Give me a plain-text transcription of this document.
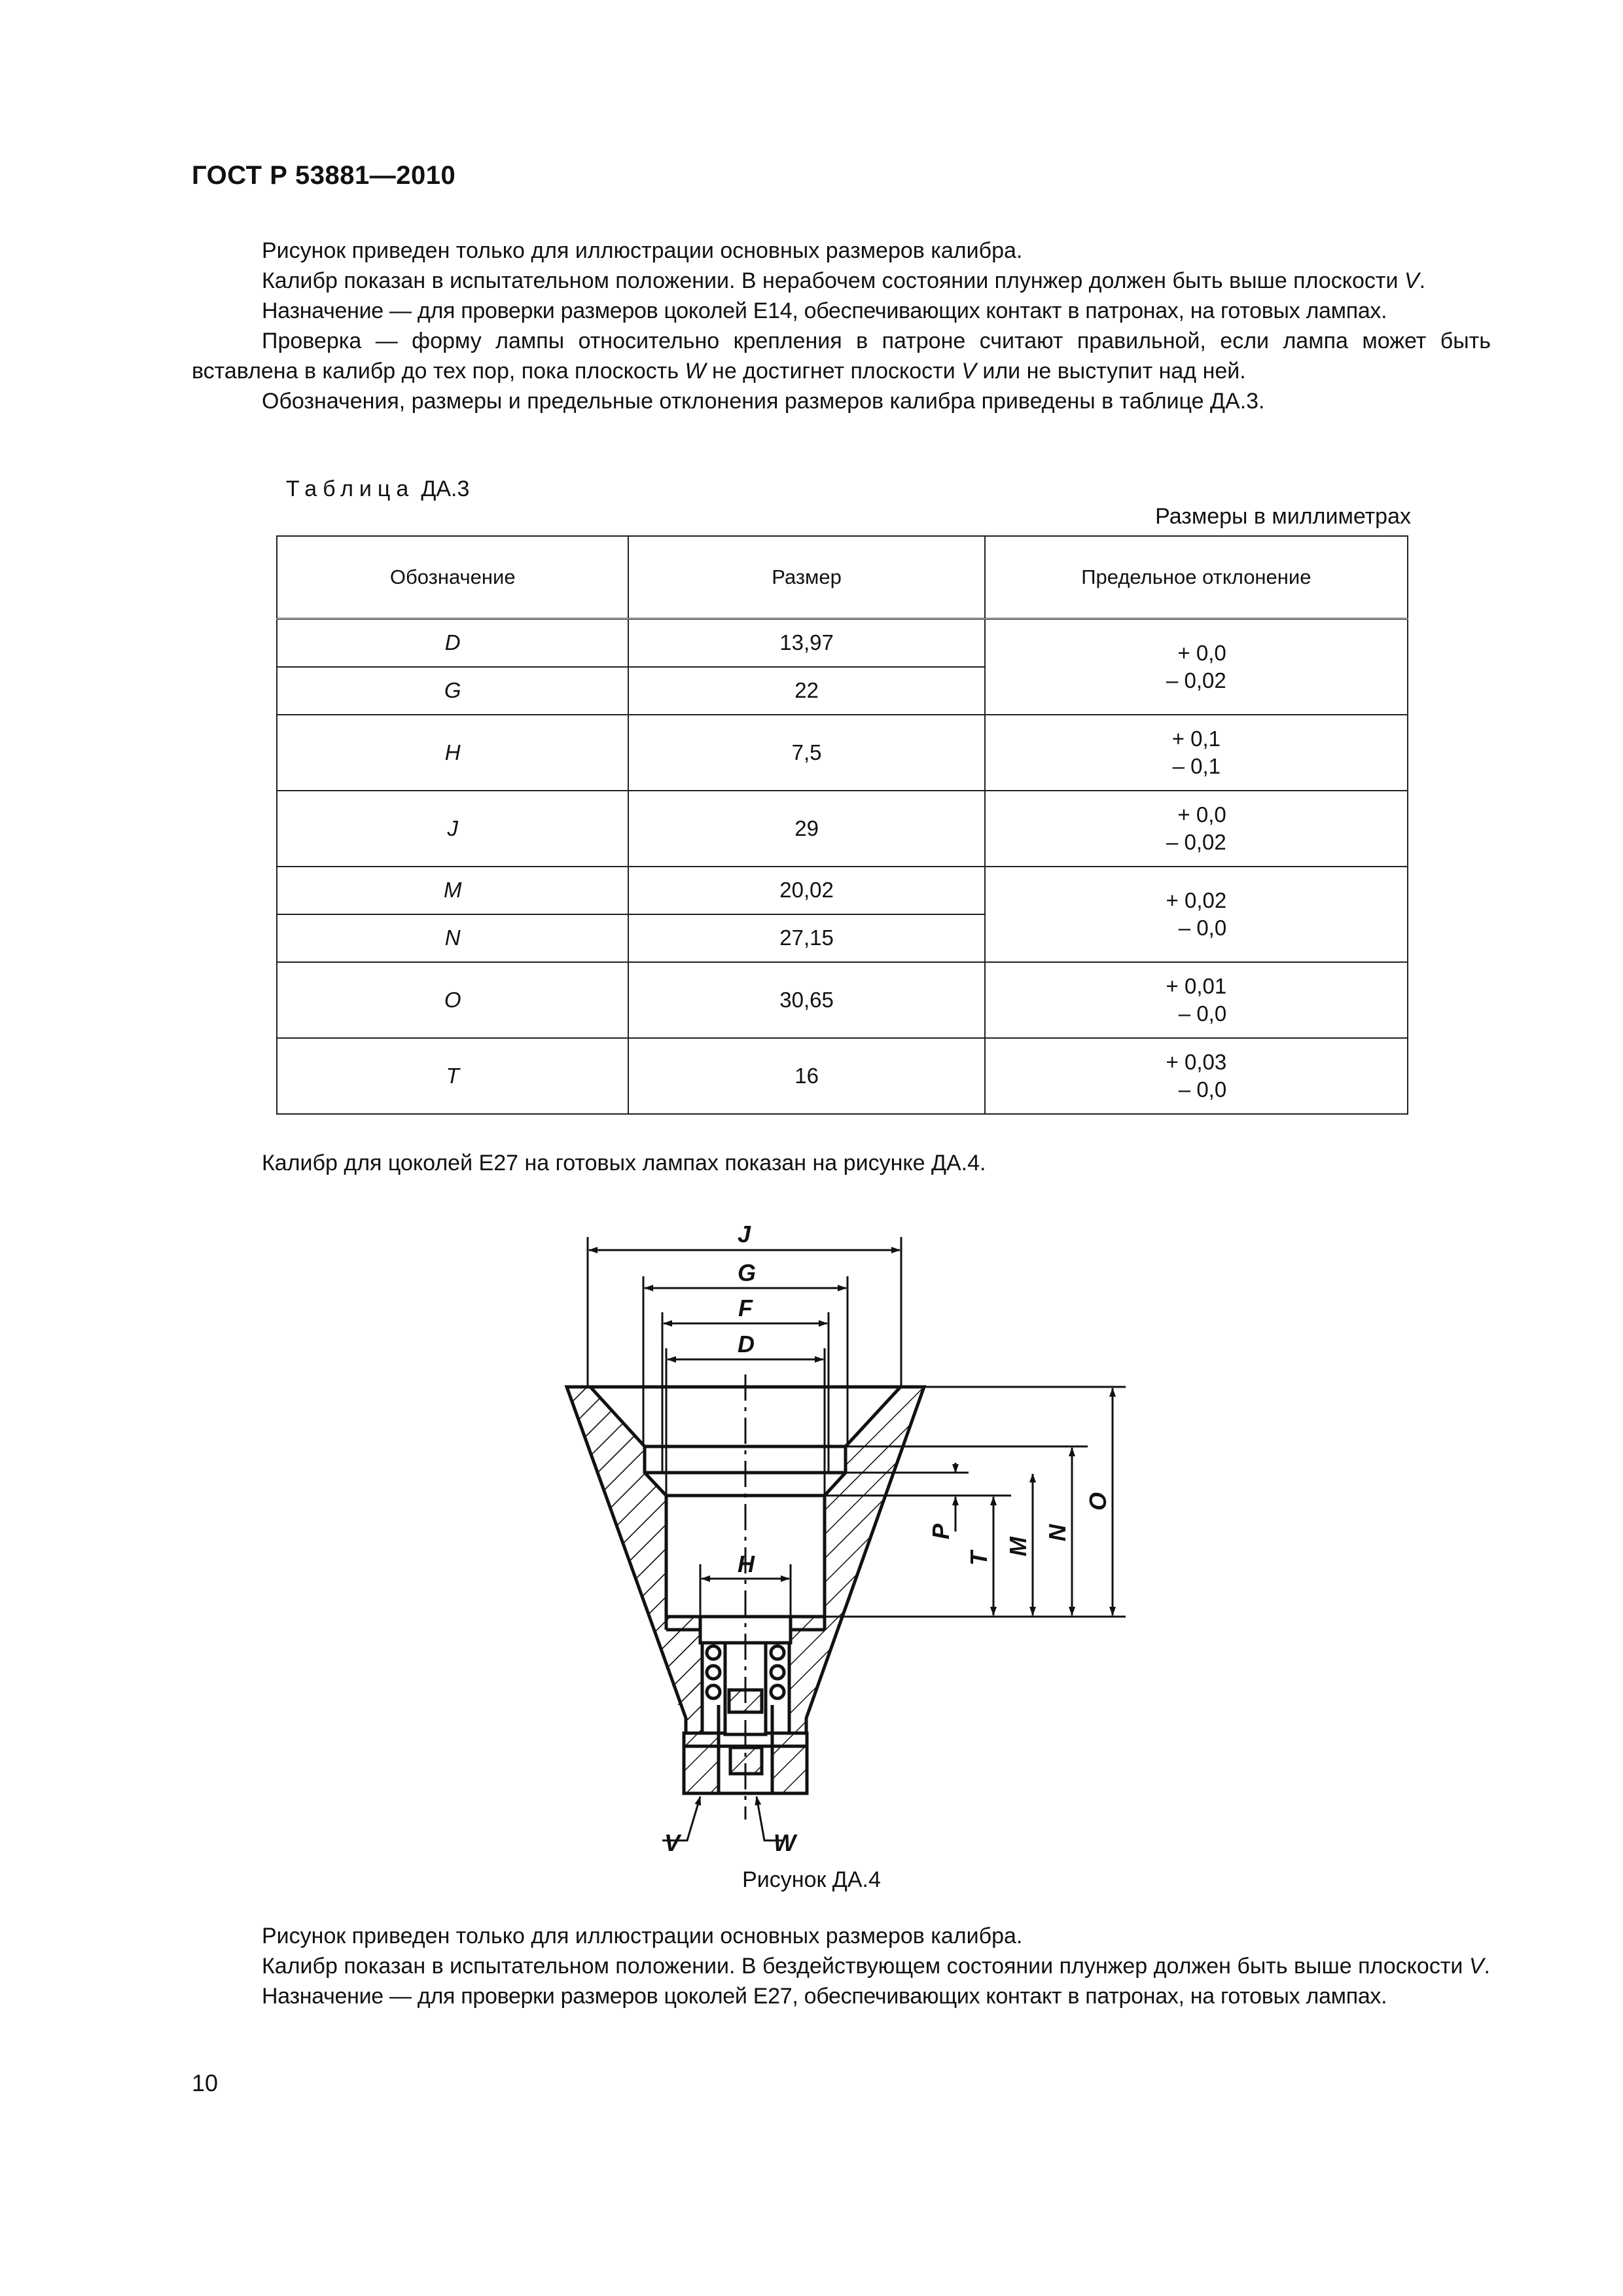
ГОСТ Р 53881—2010

Рисунок приведен только для иллюстрации основных размеров калибра.

Калибр показан в испытательном положении. В нерабочем состоянии плунжер должен быть выше плоскости V.

Назначение — для проверки размеров цоколей Е14, обеспечивающих контакт в патронах, на готовых лампах.

Проверка — форму лампы относительно крепления в патроне считают правильной, если лампа может быть вставлена в калибр до тех пор, пока плоскость W не достигнет плоскости V или не выступит над ней.

Обозначения, размеры и предельные отклонения размеров калибра приведены в таблице ДА.3.

Таблица ДА.3
Размеры в миллиметрах
Обозначение	Размер	Предельное отклонение
D	13,97	+ 0,0
– 0,02
G	22	
H	7,5	+ 0,1
– 0,1
J	29	+ 0,0
– 0,02
M	20,02	+ 0,02
– 0,0
N	27,15	
O	30,65	+ 0,01
– 0,0
T	16	+ 0,03
– 0,0

Калибр для цоколей Е27 на готовых лампах показан на рисунке ДА.4.

J
G
F
D
H
V	W
P
T
M
N
O
Рисунок ДА.4

Рисунок приведен только для иллюстрации основных размеров калибра.

Калибр показан в испытательном положении. В бездействующем состоянии плунжер должен быть выше плоскости V.

Назначение — для проверки размеров цоколей Е27, обеспечивающих контакт в патронах, на готовых лампах.

10
